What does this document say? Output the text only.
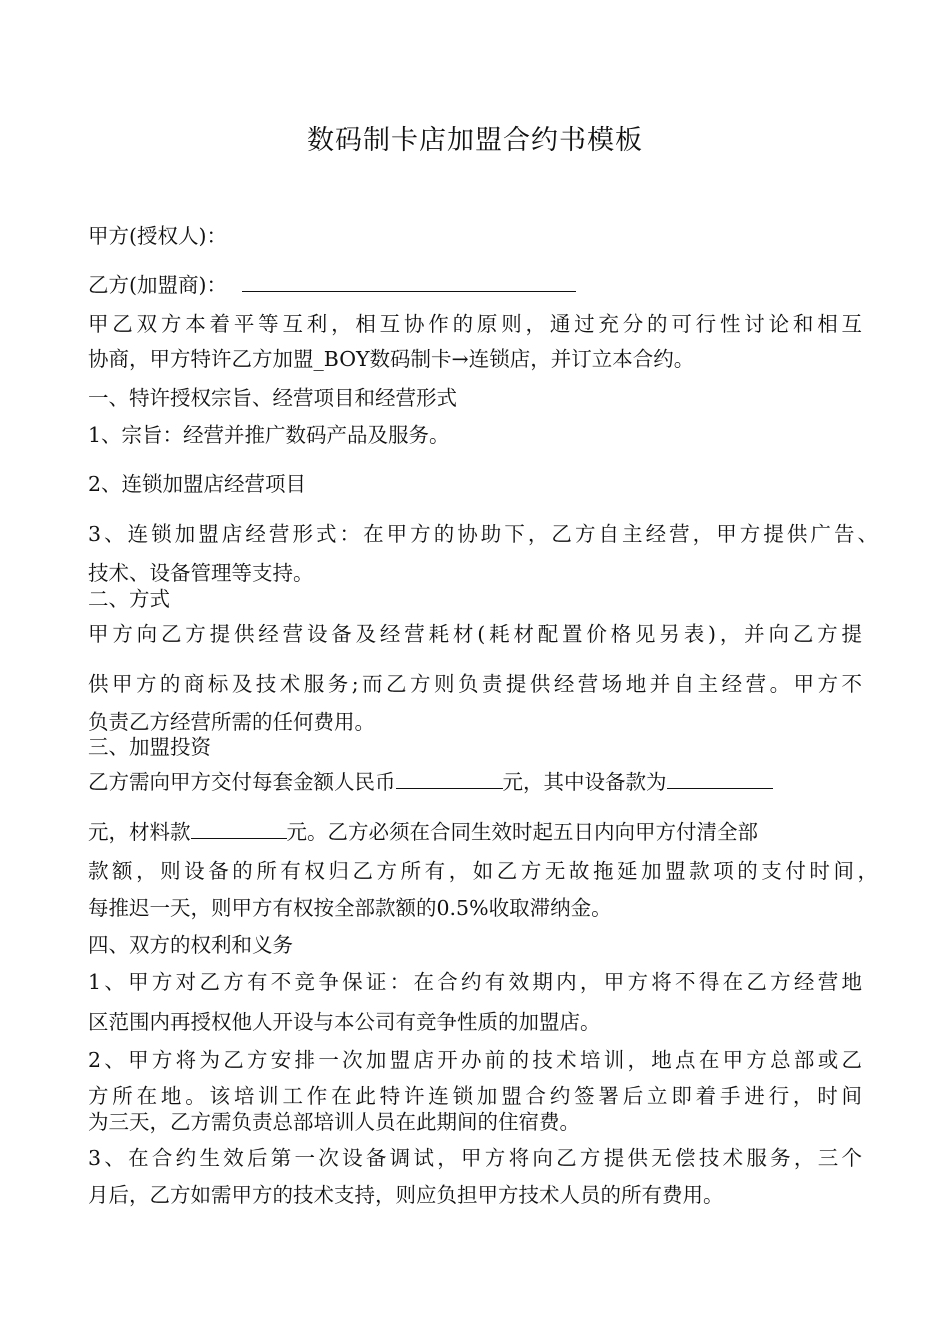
数码制卡店加盟合约书模板
甲方(授权人)：
乙方(加盟商)：
甲乙双方本着平等互利，相互协作的原则，通过充分的可行性讨论和相互
协商，甲方特许乙方加盟_BOY数码制卡→连锁店，并订立本合约。
一、特许授权宗旨、经营项目和经营形式
1、宗旨：经营并推广数码产品及服务。
2、连锁加盟店经营项目
3、连锁加盟店经营形式：在甲方的协助下，乙方自主经营，甲方提供广告、
技术、设备管理等支持。
二、方式
甲方向乙方提供经营设备及经营耗材(耗材配置价格见另表)，并向乙方提
供甲方的商标及技术服务;而乙方则负责提供经营场地并自主经营。甲方不
负责乙方经营所需的任何费用。
三、加盟投资
乙方需向甲方交付每套金额人民币	元，其中设备款为
元，材料款	元。乙方必须在合同生效时起五日内向甲方付清全部
款额，则设备的所有权归乙方所有，如乙方无故拖延加盟款项的支付时间，
每推迟一天，则甲方有权按全部款额的0.5%收取滞纳金。
四、双方的权利和义务
1、甲方对乙方有不竞争保证：在合约有效期内，甲方将不得在乙方经营地
区范围内再授权他人开设与本公司有竞争性质的加盟店。
2、甲方将为乙方安排一次加盟店开办前的技术培训，地点在甲方总部或乙
方所在地。该培训工作在此特许连锁加盟合约签署后立即着手进行，时间
为三天，乙方需负责总部培训人员在此期间的住宿费。
3、在合约生效后第一次设备调试，甲方将向乙方提供无偿技术服务，三个
月后，乙方如需甲方的技术支持，则应负担甲方技术人员的所有费用。
